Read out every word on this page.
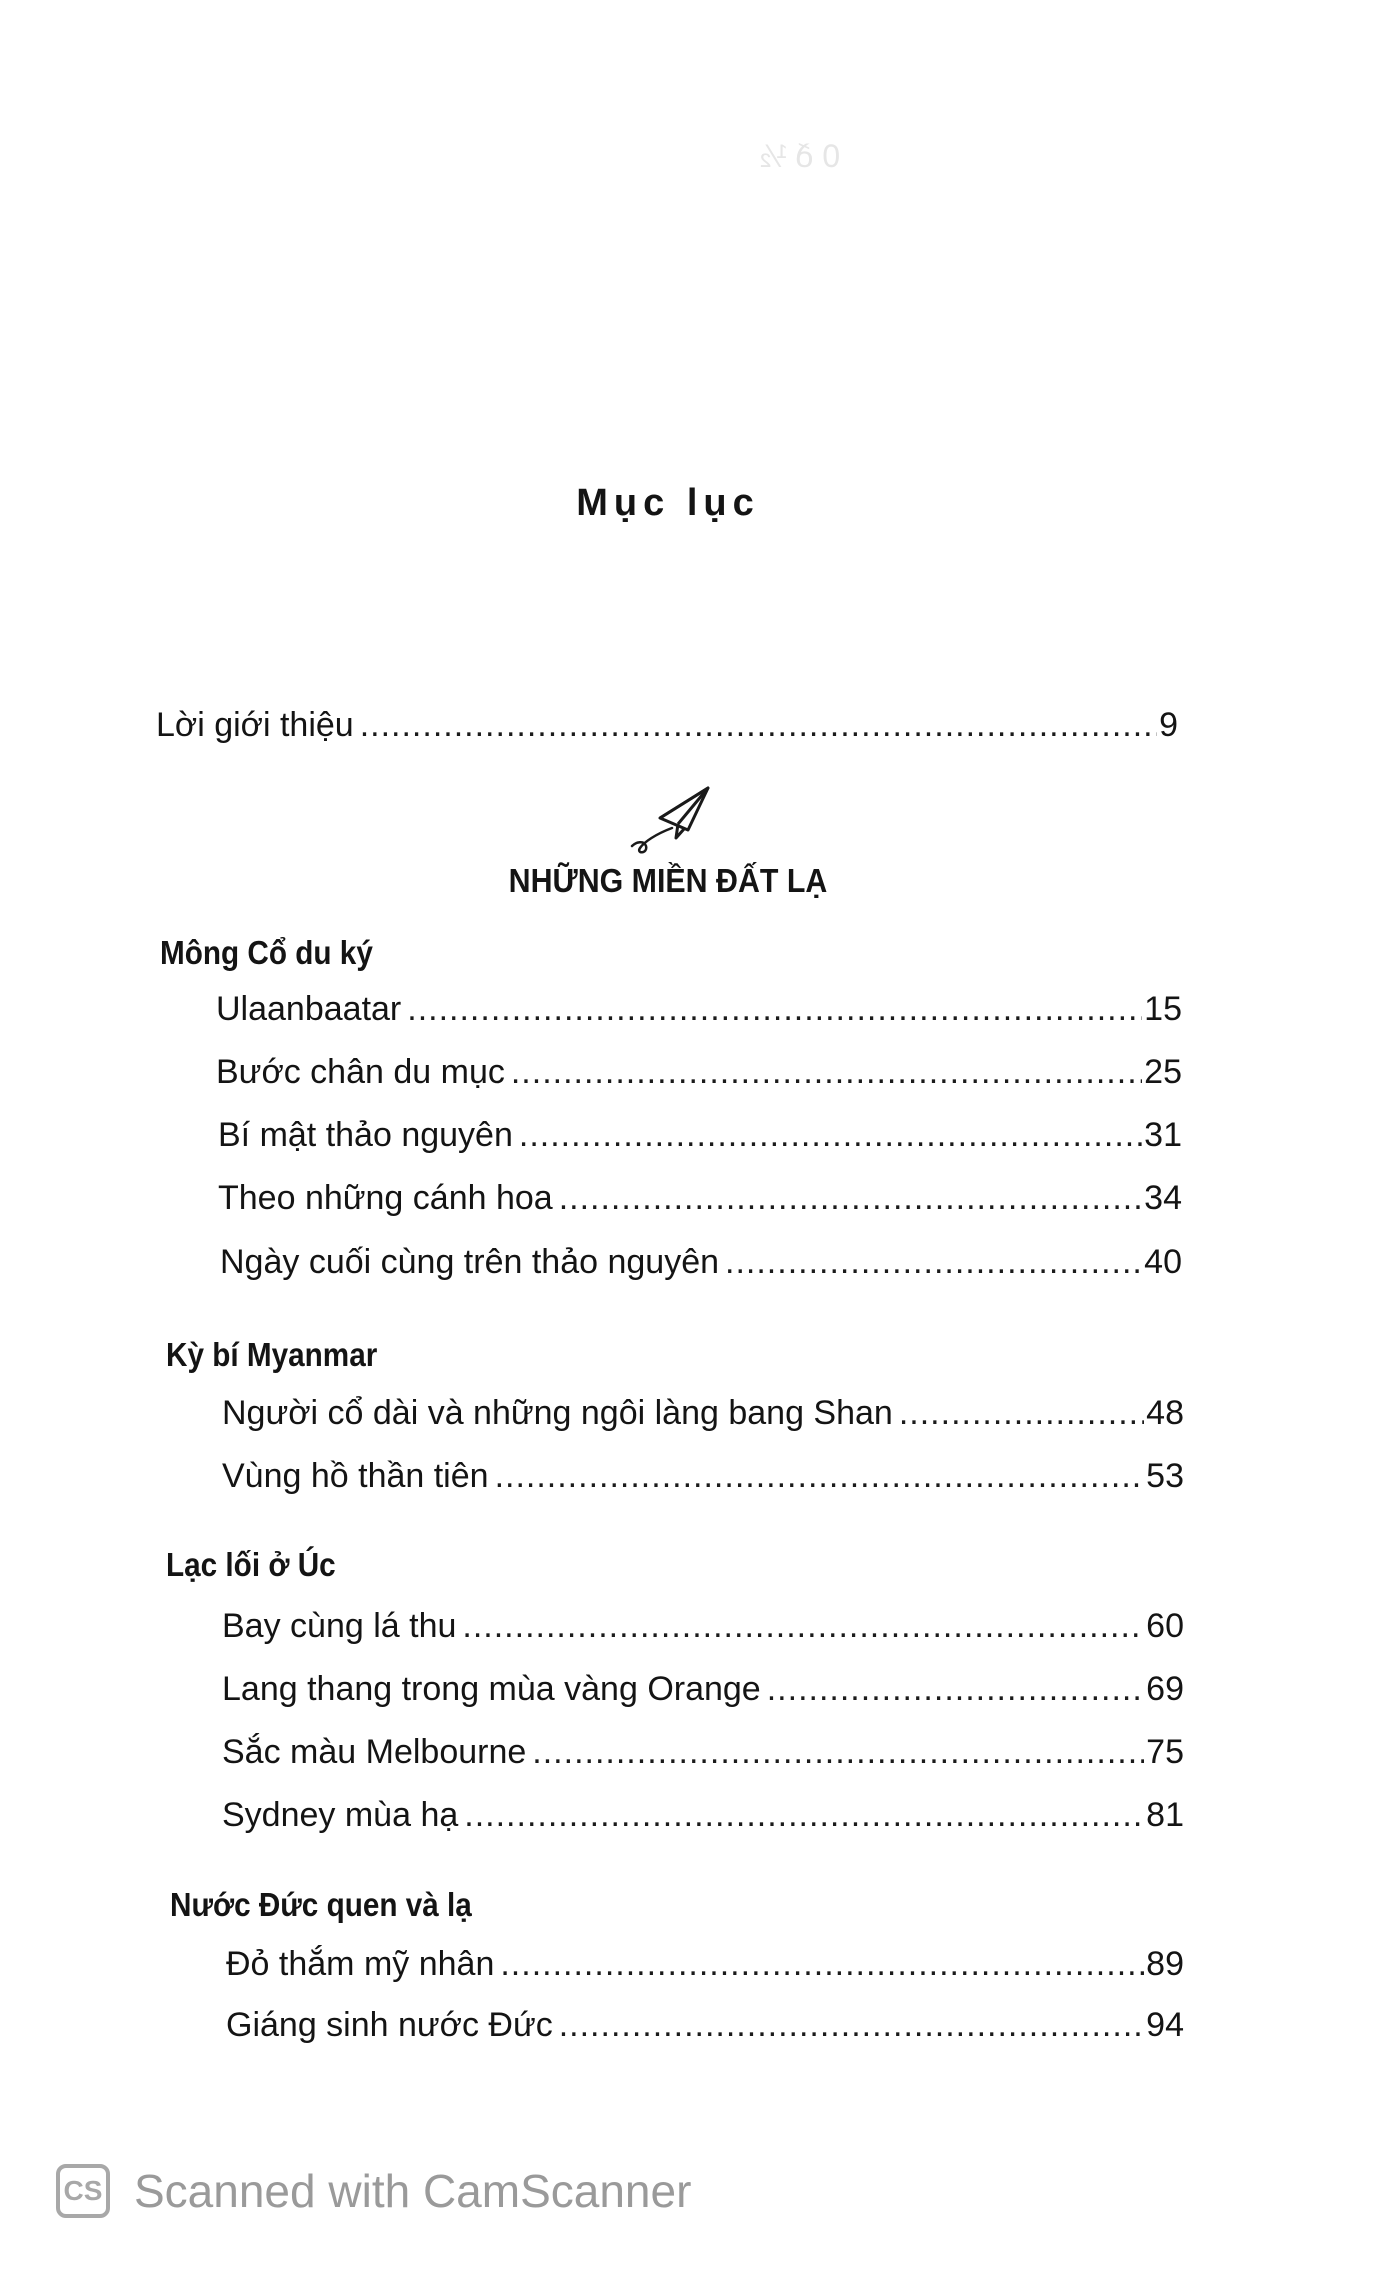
0 ð ½
Mục lục
Lời giới thiệu .....	9
NHỮNG MIỀN ĐẤT LẠ
Mông Cổ du ký
Ulaanbaatar .....	15
Bước chân du mục .....	25
Bí mật thảo nguyên .....	31
Theo những cánh hoa .....	34
Ngày cuối cùng trên thảo nguyên .....	40
Kỳ bí Myanmar
Người cổ dài và những ngôi làng bang Shan .....	48
Vùng hồ thần tiên .....	53
Lạc lối ở Úc
Bay cùng lá thu .....	60
Lang thang trong mùa vàng Orange .....	69
Sắc màu Melbourne .....	75
Sydney mùa hạ .....	81
Nước Đức quen và lạ
Đỏ thắm mỹ nhân .....	89
Giáng sinh nước Đức .....	94
CS Scanned with CamScanner
